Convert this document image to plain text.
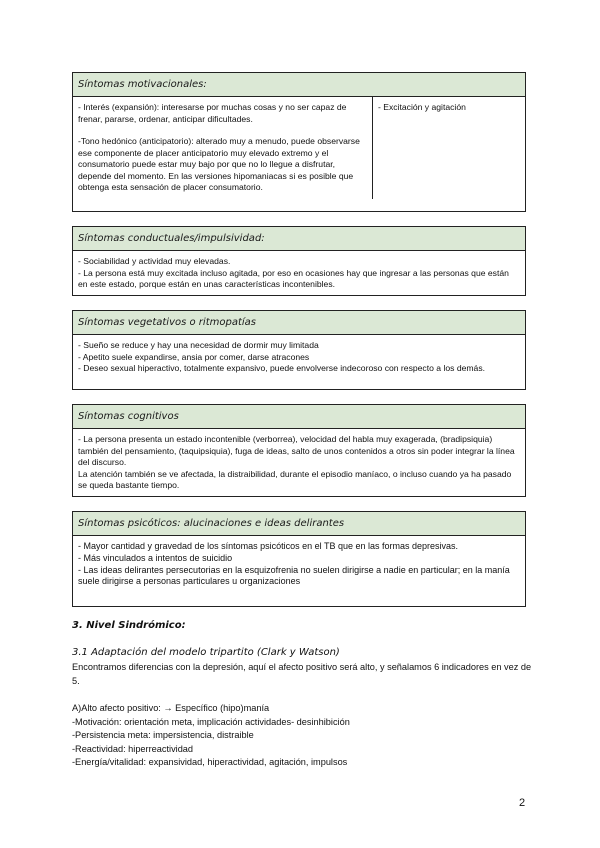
Síntomas motivacionales:

- Interés (expansión): interesarse por muchas cosas y no ser capaz de frenar, pararse, ordenar, anticipar dificultades.

-Tono hedónico (anticipatorio): alterado muy a menudo, puede observarse ese componente de placer anticipatorio muy elevado extremo y el consumatorio puede estar muy bajo por que no lo llegue a disfrutar, depende del momento. En las versiones hipomaniacas si es posible que obtenga esta sensación de placer consumatorio.

- Excitación y agitación
Síntomas conductuales/impulsividad:

- Sociabilidad y actividad muy elevadas.

- La persona está muy excitada incluso agitada, por eso en ocasiones hay que ingresar a las personas que están en este estado, porque están en unas características incontenibles.

Síntomas vegetativos o ritmopatías

- Sueño se reduce y hay una necesidad de dormir muy limitada

- Apetito suele expandirse, ansia por comer, darse atracones

- Deseo sexual hiperactivo, totalmente expansivo, puede envolverse indecoroso con respecto a los demás.

Síntomas cognitivos

- La persona presenta un estado incontenible (verborrea), velocidad del habla muy exagerada, (bradipsiquia) también del pensamiento, (taquipsiquia), fuga de ideas, salto de unos contenidos a otros sin poder integrar la línea del discurso.

La atención también se ve afectada, la distraibilidad, durante el episodio maníaco, o incluso cuando ya ha pasado se queda bastante tiempo.

Síntomas psicóticos: alucinaciones e ideas delirantes

- Mayor cantidad y gravedad de los síntomas psicóticos en el TB que en las formas depresivas.

- Más vinculados a intentos de suicidio

- Las ideas delirantes persecutorias en la esquizofrenia no suelen dirigirse a nadie en particular; en la manía suele dirigirse a personas particulares u organizaciones

3. Nivel Sindrómico:
3.1 Adaptación del modelo tripartito (Clark y Watson)

Encontramos diferencias con la depresión, aquí el afecto positivo será alto, y señalamos 6 indicadores en vez de 5.

A)Alto afecto positivo: → Específico (hipo)manía

-Motivación: orientación meta, implicación actividades- desinhibición

-Persistencia meta: impersistencia, distraible

-Reactividad: hiperreactividad

-Energía/vitalidad: expansividad, hiperactividad, agitación, impulsos

2
